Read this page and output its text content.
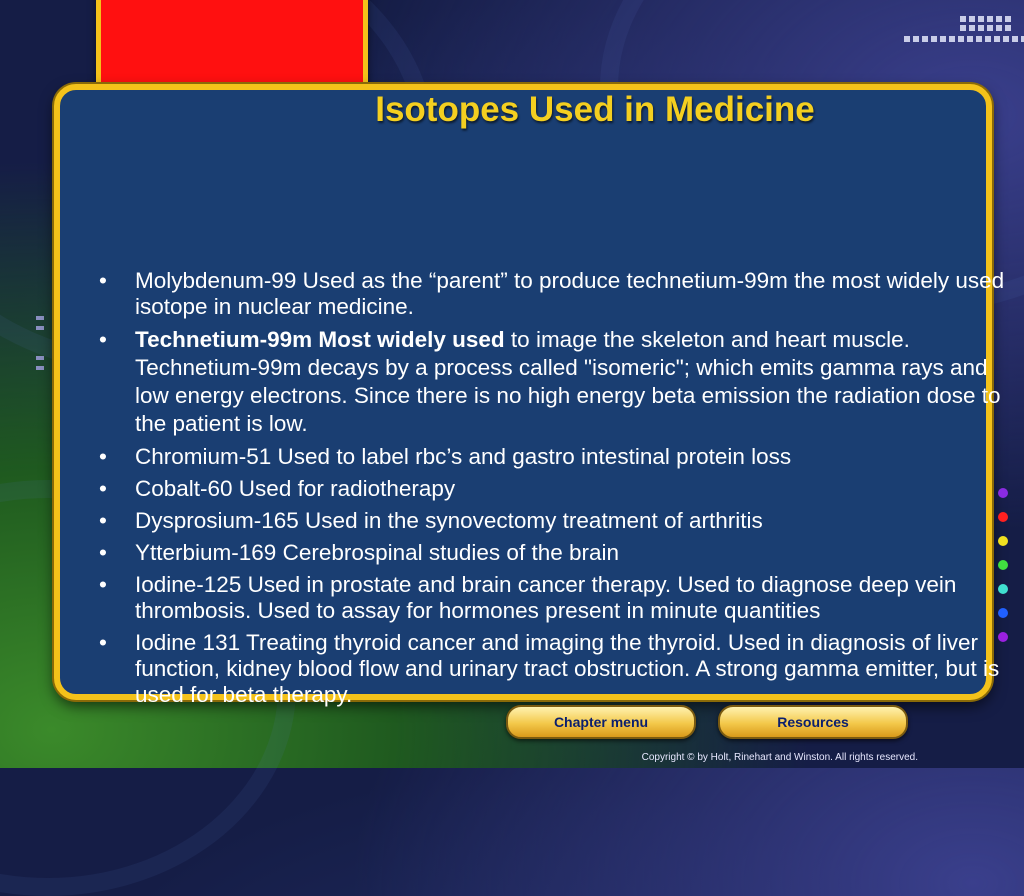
• Molybdenum-99 Used as the “parent” to produce technetium-99m the most widely used isotope in nuclear medicine.
• Technetium-99m Most widely used to image the skeleton and heart muscle. Technetium-99m decays by a process called "isomeric"; which emits gamma rays and low energy electrons. Since there is no high energy beta emission the radiation dose to the patient is low.
• Chromium-51 Used to label rbc’s and gastro intestinal protein loss
• Cobalt-60 Used for radiotherapy
• Dysprosium-165 Used in the synovectomy treatment of arthritis
• Ytterbium-169 Cerebrospinal studies of the brain
• Iodine-125 Used in prostate and brain cancer therapy. Used to diagnose deep vein thrombosis. Used to assay for hormones present in minute quantities
• Iodine 131 Treating thyroid cancer and imaging the thyroid. Used in diagnosis of liver function, kidney blood flow and urinary tract obstruction. A strong gamma emitter, but is used for beta therapy.
Isotopes Used in Medicine
Chapter menu	Resources
Copyright © by Holt, Rinehart and Winston. All rights reserved.
